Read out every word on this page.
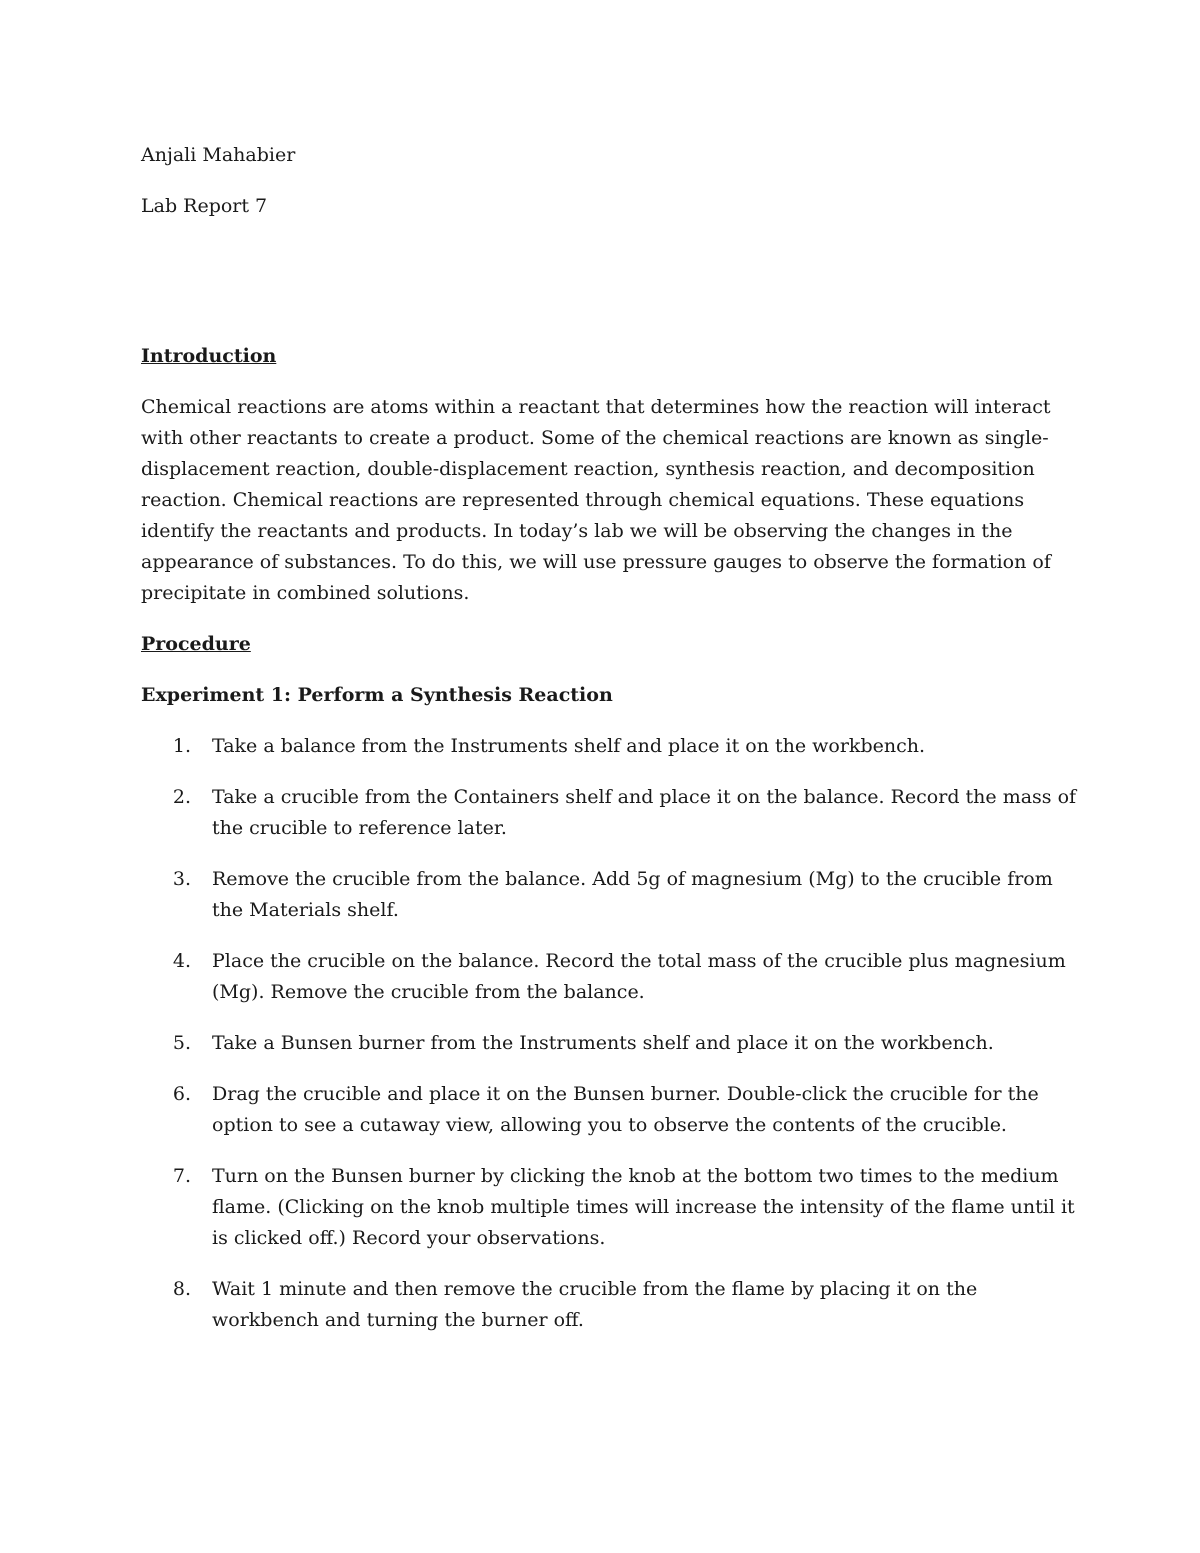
Anjali Mahabier

Lab Report 7

Introduction

Chemical reactions are atoms within a reactant that determines how the reaction will interact

with other reactants to create a product. Some of the chemical reactions are known as single-

displacement reaction, double-displacement reaction, synthesis reaction, and decomposition

reaction. Chemical reactions are represented through chemical equations. These equations

identify the reactants and products. In today’s lab we will be observing the changes in the

appearance of substances. To do this, we will use pressure gauges to observe the formation of

precipitate in combined solutions.

Procedure

Experiment 1: Perform a Synthesis Reaction

1.	Take a balance from the Instruments shelf and place it on the workbench.

2.	Take a crucible from the Containers shelf and place it on the balance. Record the mass of

the crucible to reference later.

3.	Remove the crucible from the balance. Add 5g of magnesium (Mg) to the crucible from

the Materials shelf.

4.	Place the crucible on the balance. Record the total mass of the crucible plus magnesium

(Mg). Remove the crucible from the balance.

5.	Take a Bunsen burner from the Instruments shelf and place it on the workbench.

6.	Drag the crucible and place it on the Bunsen burner. Double-click the crucible for the

option to see a cutaway view, allowing you to observe the contents of the crucible.

7.	Turn on the Bunsen burner by clicking the knob at the bottom two times to the medium

flame. (Clicking on the knob multiple times will increase the intensity of the flame until it

is clicked off.) Record your observations.

8.	Wait 1 minute and then remove the crucible from the flame by placing it on the

workbench and turning the burner off.
